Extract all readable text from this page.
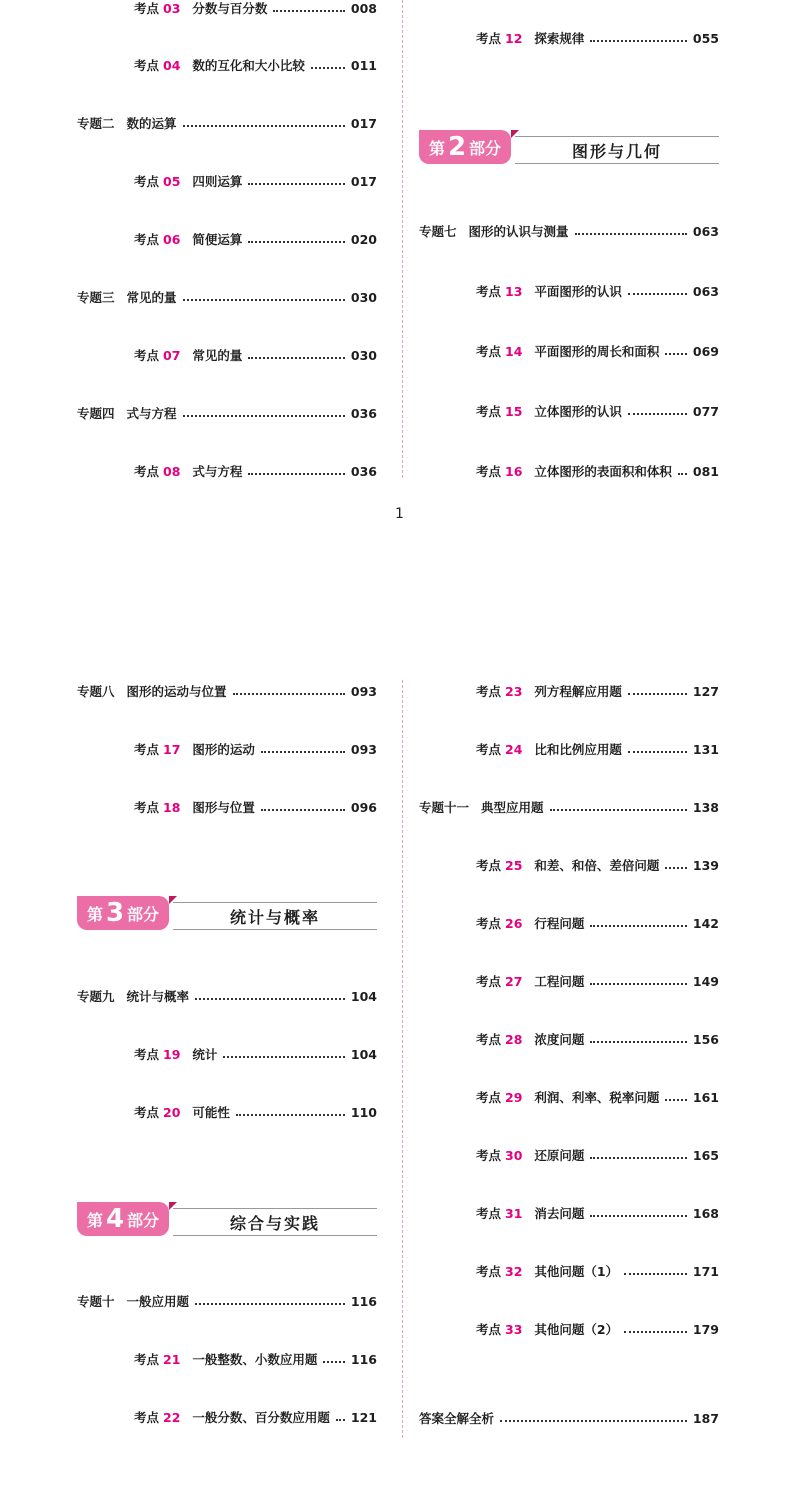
1
第 2 部分	图形与几何
第 3 部分	统计与概率
第 4 部分	综合与实践
考点 03 分数与百分数	008
考点 04 数的互化和大小比较	011
专题二 数的运算	017
考点 05 四则运算	017
考点 06 简便运算	020
专题三 常见的量	030
考点 07 常见的量	030
专题四 式与方程	036
考点 08 式与方程	036
考点 12 探索规律	055
专题七 图形的认识与测量	063
考点 13 平面图形的认识	063
考点 14 平面图形的周长和面积	069
考点 15 立体图形的认识	077
考点 16 立体图形的表面积和体积 081
专题八 图形的运动与位置	093
考点 17 图形的运动	093
考点 18 图形与位置	096
专题九 统计与概率	104
考点 19 统计	104
考点 20 可能性	110
专题十 一般应用题	116
考点 21 一般整数、小数应用题	116
考点 22 一般分数、百分数应用题 121
考点 23 列方程解应用题	127
考点 24 比和比例应用题	131
专题十一 典型应用题	138
考点 25 和差、和倍、差倍问题	139
考点 26 行程问题	142
考点 27 工程问题	149
考点 28 浓度问题	156
考点 29 利润、利率、税率问题	161
考点 30 还原问题	165
考点 31 消去问题	168
考点 32 其他问题（1）	171
考点 33 其他问题（2）	179
答案全解全析	187
